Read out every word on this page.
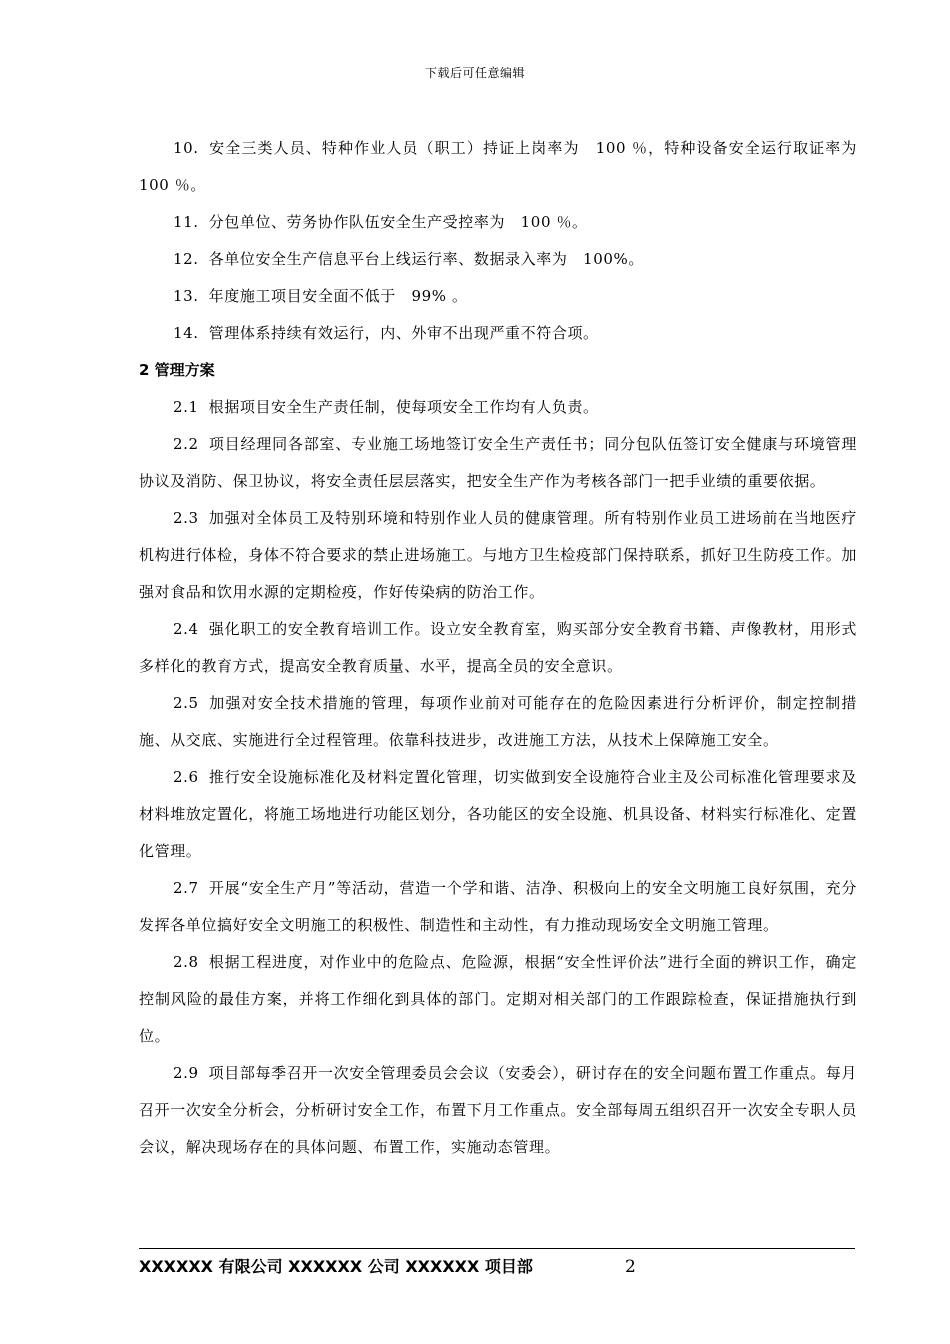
下载后可任意编辑

10. 安全三类人员、特种作业人员（职工）持证上岗率为　100 ％，特种设备安全运行取证率为　100 ％。

11. 分包单位、劳务协作队伍安全生产受控率为　100 ％。

12. 各单位安全生产信息平台上线运行率、数据录入率为　100%。

13. 年度施工项目安全面不低于　99% 。

14. 管理体系持续有效运行，内、外审不出现严重不符合项。

2 管理方案

2.1 根据项目安全生产责任制，使每项安全工作均有人负责。

2.2 项目经理同各部室、专业施工场地签订安全生产责任书；同分包队伍签订安全健康与环境管理协议及消防、保卫协议，将安全责任层层落实，把安全生产作为考核各部门一把手业绩的重要依据。

2.3 加强对全体员工及特别环境和特别作业人员的健康管理。所有特别作业员工进场前在当地医疗机构进行体检，身体不符合要求的禁止进场施工。与地方卫生检疫部门保持联系，抓好卫生防疫工作。加强对食品和饮用水源的定期检疫，作好传染病的防治工作。

2.4 强化职工的安全教育培训工作。设立安全教育室，购买部分安全教育书籍、声像教材，用形式多样化的教育方式，提高安全教育质量、水平，提高全员的安全意识。

2.5 加强对安全技术措施的管理，每项作业前对可能存在的危险因素进行分析评价，制定控制措施、从交底、实施进行全过程管理。依靠科技进步，改进施工方法，从技术上保障施工安全。

2.6 推行安全设施标准化及材料定置化管理，切实做到安全设施符合业主及公司标准化管理要求及材料堆放定置化，将施工场地进行功能区划分，各功能区的安全设施、机具设备、材料实行标准化、定置化管理。

2.7 开展“安全生产月”等活动，营造一个学和谐、洁净、积极向上的安全文明施工良好氛围，充分发挥各单位搞好安全文明施工的积极性、制造性和主动性，有力推动现场安全文明施工管理。

2.8 根据工程进度，对作业中的危险点、危险源，根据“安全性评价法”进行全面的辨识工作，确定控制风险的最佳方案，并将工作细化到具体的部门。定期对相关部门的工作跟踪检查，保证措施执行到位。

2.9 项目部每季召开一次安全管理委员会会议（安委会），研讨存在的安全问题布置工作重点。每月召开一次安全分析会，分析研讨安全工作，布置下月工作重点。安全部每周五组织召开一次安全专职人员会议，解决现场存在的具体问题、布置工作，实施动态管理。

XXXXXX 有限公司 XXXXXX 公司 XXXXXX 项目部	2
